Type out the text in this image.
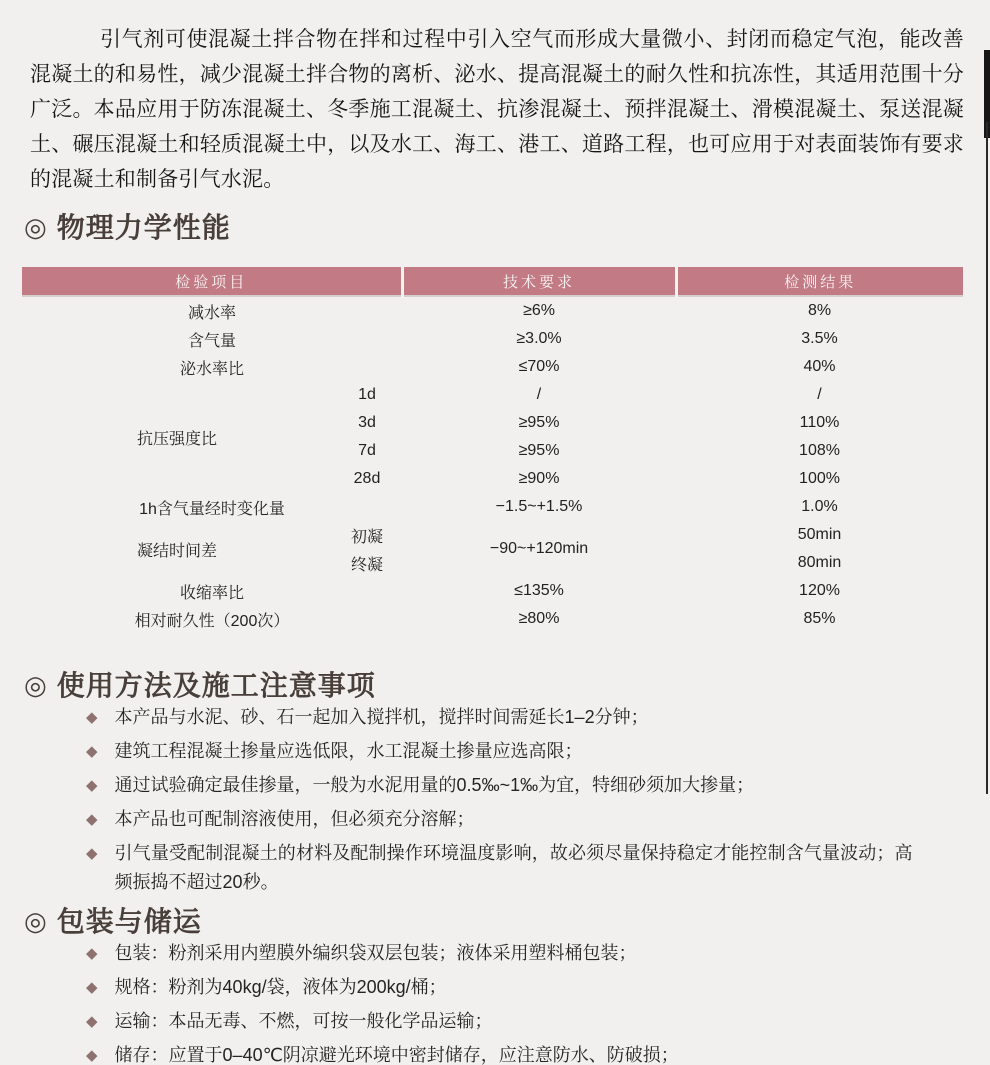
引气剂可使混凝土拌合物在拌和过程中引入空气而形成大量微小、封闭而稳定气泡，能改善混凝土的和易性，减少混凝土拌合物的离析、泌水、提高混凝土的耐久性和抗冻性，其适用范围十分广泛。本品应用于防冻混凝土、冬季施工混凝土、抗渗混凝土、预拌混凝土、滑模混凝土、泵送混凝土、碾压混凝土和轻质混凝土中，以及水工、海工、港工、道路工程，也可应用于对表面装饰有要求的混凝土和制备引气水泥。

◎ 物理力学性能
检验项目		技术要求	检测结果
减水率		≥6%	8%
含气量		≥3.0%	3.5%
泌水率比		≤70%	40%
抗压强度比	1d	/	/
	3d	≥95%	110%
	7d	≥95%	108%
	28d	≥90%	100%
1h含气量经时变化量		−1.5~+1.5%	1.0%
凝结时间差	初凝	−90~+120min	50min
	终凝		80min
收缩率比		≤135%	120%
相对耐久性（200次）		≥80%	85%
◎ 使用方法及施工注意事项
◆ 本产品与水泥、砂、石一起加入搅拌机，搅拌时间需延长1–2分钟；
◆ 建筑工程混凝土掺量应选低限，水工混凝土掺量应选高限；
◆ 通过试验确定最佳掺量，一般为水泥用量的0.5‰~1‰为宜，特细砂须加大掺量；
◆ 本产品也可配制溶液使用，但必须充分溶解；
◆ 引气量受配制混凝土的材料及配制操作环境温度影响，故必须尽量保持稳定才能控制含气量波动；高频振捣不超过20秒。
◎ 包装与储运
◆ 包装：粉剂采用内塑膜外编织袋双层包装；液体采用塑料桶包装；
◆ 规格：粉剂为40kg/袋，液体为200kg/桶；
◆ 运输：本品无毒、不燃，可按一般化学品运输；
◆ 储存：应置于0–40℃阴凉避光环境中密封储存，应注意防水、防破损；
